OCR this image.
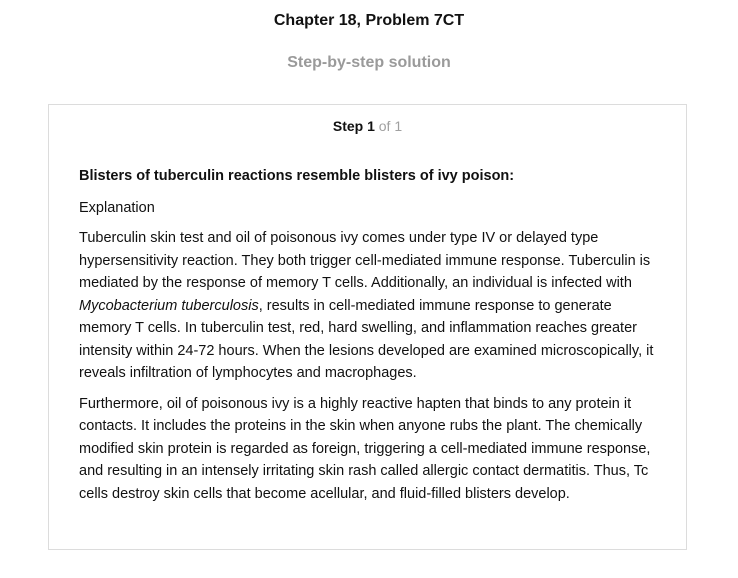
Chapter 18, Problem 7CT
Step-by-step solution
Step 1 of 1

Blisters of tuberculin reactions resemble blisters of ivy poison:

Explanation

Tuberculin skin test and oil of poisonous ivy comes under type IV or delayed type hypersensitivity reaction. They both trigger cell-mediated immune response. Tuberculin is mediated by the response of memory T cells. Additionally, an individual is infected with Mycobacterium tuberculosis, results in cell-mediated immune response to generate memory T cells. In tuberculin test, red, hard swelling, and inflammation reaches greater intensity within 24-72 hours. When the lesions developed are examined microscopically, it reveals infiltration of lymphocytes and macrophages.

Furthermore, oil of poisonous ivy is a highly reactive hapten that binds to any protein it contacts. It includes the proteins in the skin when anyone rubs the plant. The chemically modified skin protein is regarded as foreign, triggering a cell-mediated immune response, and resulting in an intensely irritating skin rash called allergic contact dermatitis. Thus, Tc cells destroy skin cells that become acellular, and fluid-filled blisters develop.
